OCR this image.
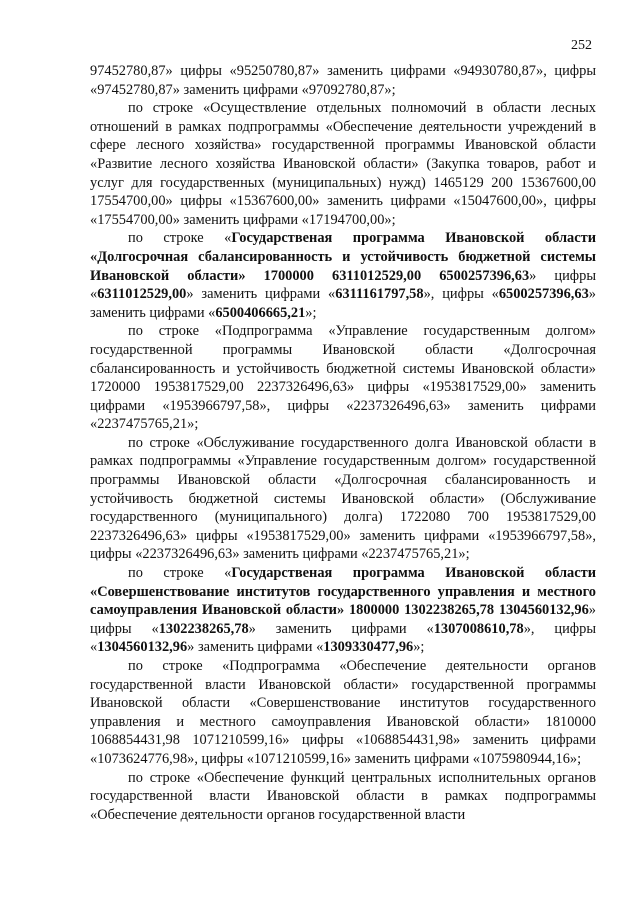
252

97452780,87» цифры «95250780,87» заменить цифрами «94930780,87», цифры «97452780,87» заменить цифрами «97092780,87»;

по строке «Осуществление отдельных полномочий в области лесных отношений в рамках подпрограммы «Обеспечение деятельности учреждений в сфере лесного хозяйства» государственной программы Ивановской области «Развитие лесного хозяйства Ивановской области» (Закупка товаров, работ и услуг для государственных (муниципальных) нужд) 1465129 200 15367600,00 17554700,00» цифры «15367600,00» заменить цифрами «15047600,00», цифры «17554700,00» заменить цифрами «17194700,00»;

по строке «Государственая программа Ивановской области «Долгосрочная сбалансированность и устойчивость бюджетной системы Ивановской области» 1700000 6311012529,00 6500257396,63» цифры «6311012529,00» заменить цифрами «6311161797,58», цифры «6500257396,63» заменить цифрами «6500406665,21»;

по строке «Подпрограмма «Управление государственным долгом» государственной программы Ивановской области «Долгосрочная сбалансированность и устойчивость бюджетной системы Ивановской области» 1720000 1953817529,00 2237326496,63» цифры «1953817529,00» заменить цифрами «1953966797,58», цифры «2237326496,63» заменить цифрами «2237475765,21»;

по строке «Обслуживание государственного долга Ивановской области в рамках подпрограммы «Управление государственным долгом» государственной программы Ивановской области «Долгосрочная сбалансированность и устойчивость бюджетной системы Ивановской области» (Обслуживание государственного (муниципального) долга) 1722080 700 1953817529,00 2237326496,63» цифры «1953817529,00» заменить цифрами «1953966797,58», цифры «2237326496,63» заменить цифрами «2237475765,21»;

по строке «Государственая программа Ивановской области «Совершенствование институтов государственного управления и местного самоуправления Ивановской области» 1800000 1302238265,78 1304560132,96» цифры «1302238265,78» заменить цифрами «1307008610,78», цифры «1304560132,96» заменить цифрами «1309330477,96»;

по строке «Подпрограмма «Обеспечение деятельности органов государственной власти Ивановской области» государственной программы Ивановской области «Совершенствование институтов государственного управления и местного самоуправления Ивановской области» 1810000 1068854431,98 1071210599,16» цифры «1068854431,98» заменить цифрами «1073624776,98», цифры «1071210599,16» заменить цифрами «1075980944,16»;

по строке «Обеспечение функций центральных исполнительных органов государственной власти Ивановской области в рамках подпрограммы «Обеспечение деятельности органов государственной власти
